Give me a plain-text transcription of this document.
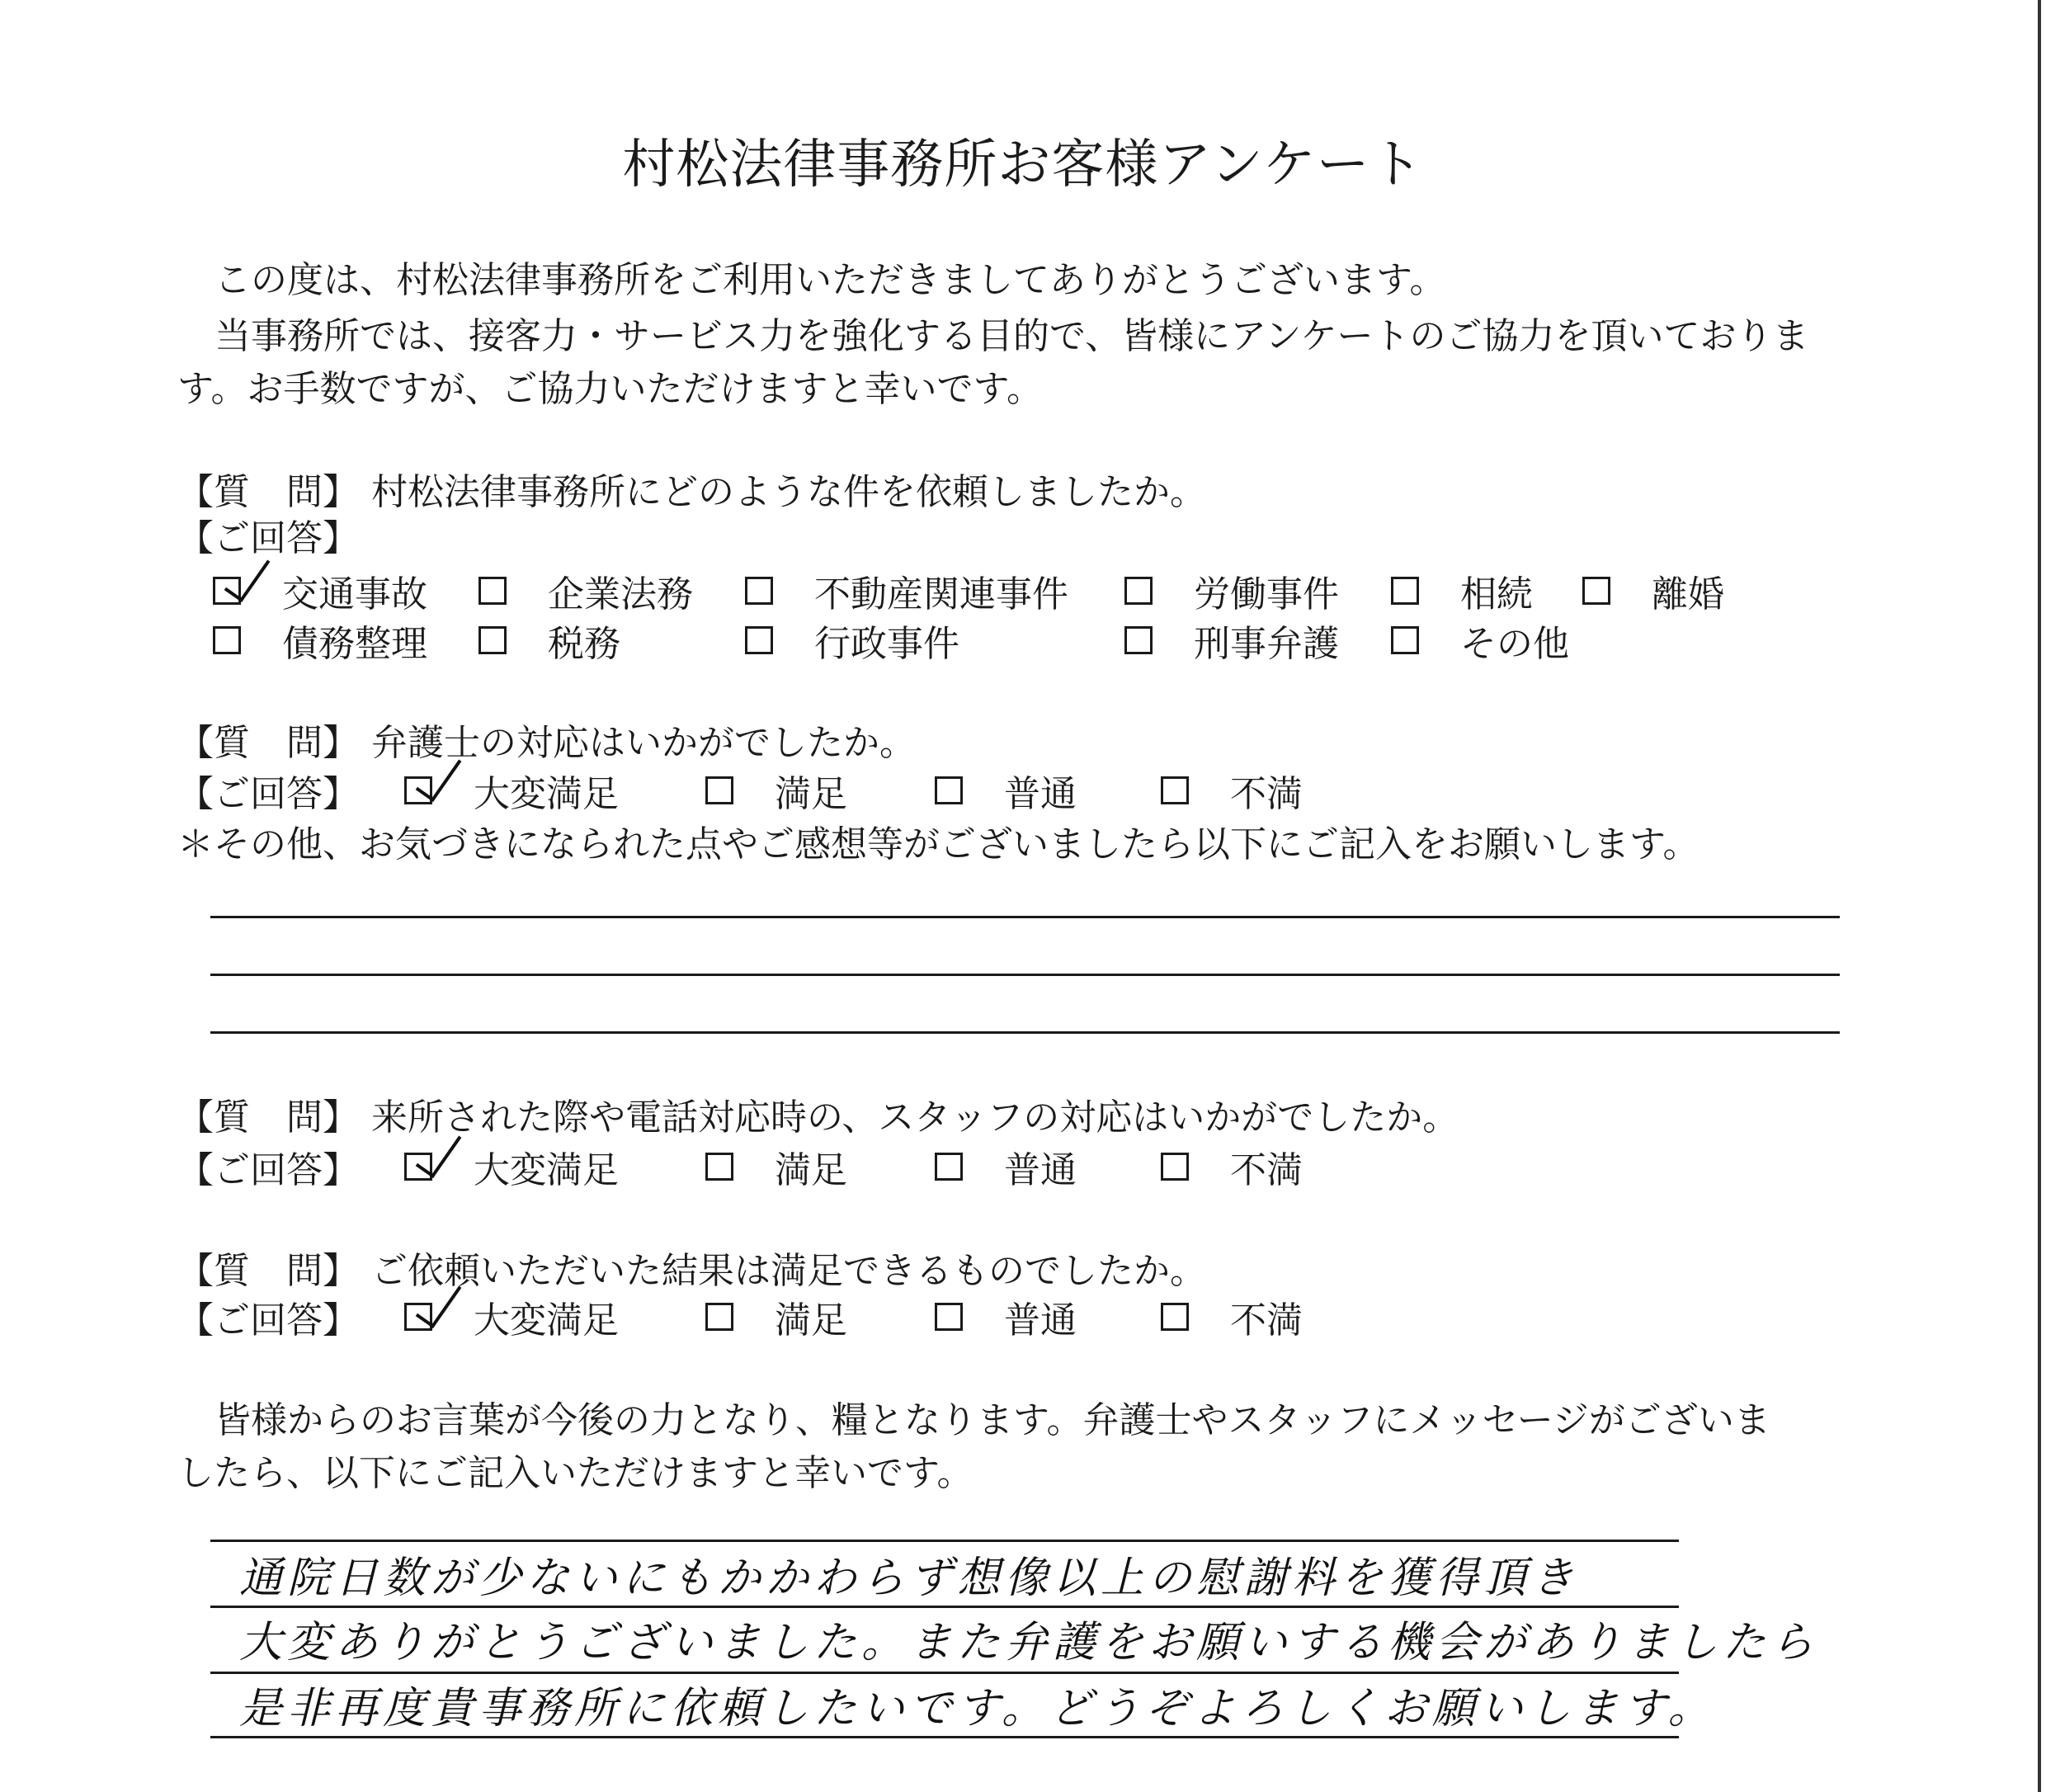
村松法律事務所お客様アンケート
この度は、村松法律事務所をご利用いただきましてありがとうございます。
当事務所では、接客力・サービス力を強化する目的で、皆様にアンケートのご協力を頂いておりま
す。お手数ですが、ご協力いただけますと幸いです。
【質　問】 村松法律事務所にどのような件を依頼しましたか。
【ご回答】
交通事故	企業法務	不動産関連事件	労働事件	相続	離婚
債務整理	税務	行政事件	刑事弁護	その他
【質　問】 弁護士の対応はいかがでしたか。
【ご回答】	大変満足	満足	普通	不満
＊その他、お気づきになられた点やご感想等がございましたら以下にご記入をお願いします。
【質　問】 来所された際や電話対応時の、スタッフの対応はいかがでしたか。
【ご回答】	大変満足	満足	普通	不満
【質　問】 ご依頼いただいた結果は満足できるものでしたか。
【ご回答】	大変満足	満足	普通	不満
皆様からのお言葉が今後の力となり、糧となります。弁護士やスタッフにメッセージがございま
したら、以下にご記入いただけますと幸いです。
通院日数が少ないにもかかわらず想像以上の慰謝料を獲得頂き
大変ありがとうございました。また弁護をお願いする機会がありましたら
是非再度貴事務所に依頼したいです。どうぞよろしくお願いします。
